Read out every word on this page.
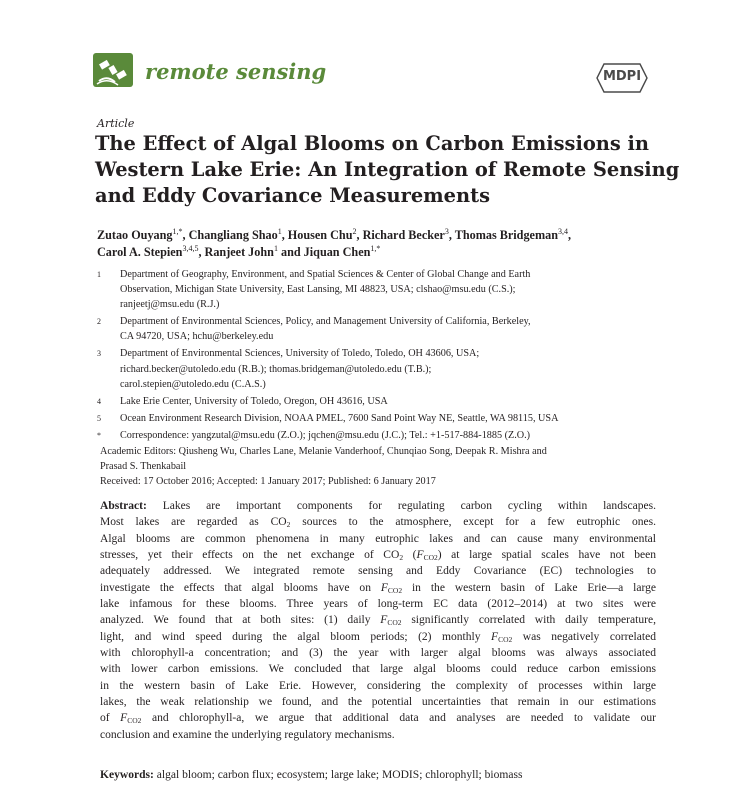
remote sensing	MDPI
Article
The Effect of Algal Blooms on Carbon Emissions in
Western Lake Erie: An Integration of Remote Sensing
and Eddy Covariance Measurements
Zutao Ouyang$^{1,*}$, Changliang Shao$^1$, Housen Chu$^2$, Richard Becker$^3$, Thomas Bridgeman$^{3,4}$,
Carol A. Stepien$^{3,4,5}$, Ranjeet John$^1$ and Jiquan Chen$^{1,*}$
1	Department of Geography, Environment, and Spatial Sciences & Center of Global Change and Earth
Observation, Michigan State University, East Lansing, MI 48823, USA; clshao@msu.edu (C.S.);
ranjeetj@msu.edu (R.J.)
2	Department of Environmental Sciences, Policy, and Management University of California, Berkeley,
CA 94720, USA; hchu@berkeley.edu
3	Department of Environmental Sciences, University of Toledo, Toledo, OH 43606, USA;
richard.becker@utoledo.edu (R.B.); thomas.bridgeman@utoledo.edu (T.B.);
carol.stepien@utoledo.edu (C.A.S.)
4	Lake Erie Center, University of Toledo, Oregon, OH 43616, USA
5	Ocean Environment Research Division, NOAA PMEL, 7600 Sand Point Way NE, Seattle, WA 98115, USA
*	Correspondence: yangzutal@msu.edu (Z.O.); jqchen@msu.edu (J.C.); Tel.: +1-517-884-1885 (Z.O.)
Academic Editors: Qiusheng Wu, Charles Lane, Melanie Vanderhoof, Chunqiao Song, Deepak R. Mishra and
Prasad S. Thenkabail
Received: 17 October 2016; Accepted: 1 January 2017; Published: 6 January 2017
Abstract: Lakes are important components for regulating carbon cycling within landscapes.
Most lakes are regarded as $CO_2$ sources to the atmosphere, except for a few eutrophic ones.
Algal blooms are common phenomena in many eutrophic lakes and can cause many environmental
stresses, yet their effects on the net exchange of $CO_2$ $(F_{CO2})$ at large spatial scales have not been
adequately addressed. We integrated remote sensing and Eddy Covariance (EC) technologies to
investigate the effects that algal blooms have on $F_{CO2}$ in the western basin of Lake Erie—a large
lake infamous for these blooms. Three years of long-term EC data (2012–2014) at two sites were
analyzed. We found that at both sites: (1) daily $F_{CO2}$ significantly correlated with daily temperature,
light, and wind speed during the algal bloom periods; (2) monthly $F_{CO2}$ was negatively correlated
with chlorophyll-a concentration; and (3) the year with larger algal blooms was always associated
with lower carbon emissions. We concluded that large algal blooms could reduce carbon emissions
in the western basin of Lake Erie. However, considering the complexity of processes within large
lakes, the weak relationship we found, and the potential uncertainties that remain in our estimations
of $F_{CO2}$ and chlorophyll-a, we argue that additional data and analyses are needed to validate our
conclusion and examine the underlying regulatory mechanisms.
Keywords: algal bloom; carbon flux; ecosystem; large lake; MODIS; chlorophyll; biomass
